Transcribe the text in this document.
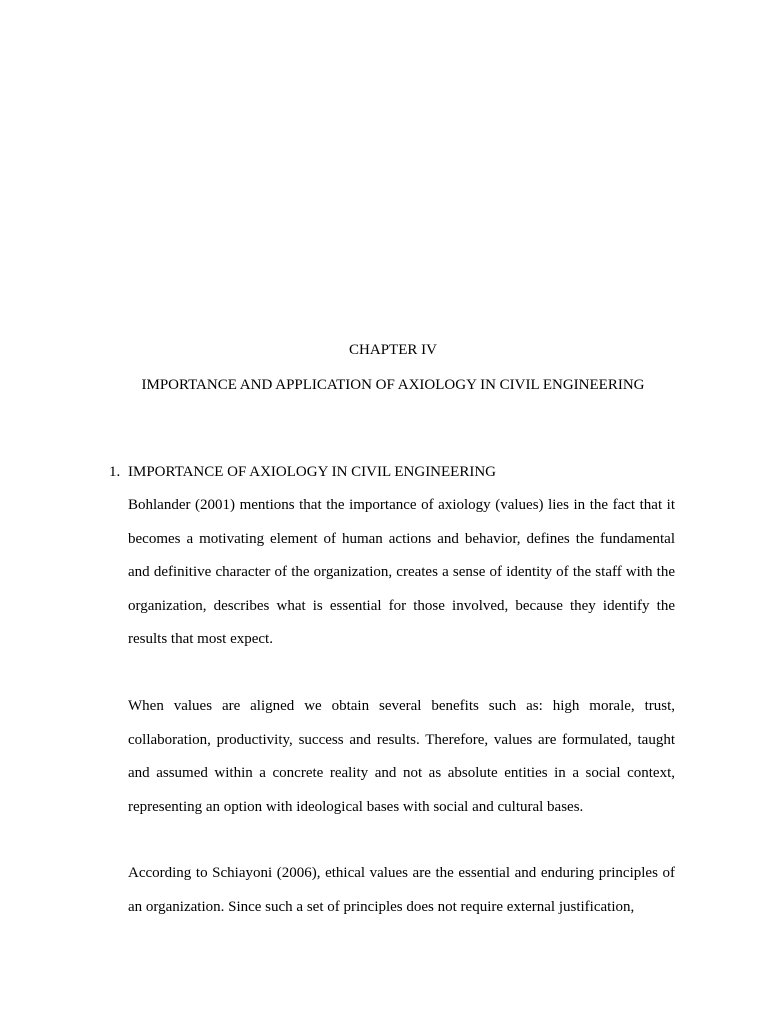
CHAPTER IV
IMPORTANCE AND APPLICATION OF AXIOLOGY IN CIVIL ENGINEERING
1. IMPORTANCE OF AXIOLOGY IN CIVIL ENGINEERING

Bohlander (2001) mentions that the importance of axiology (values) lies in the fact that it becomes a motivating element of human actions and behavior, defines the fundamental and definitive character of the organization, creates a sense of identity of the staff with the organization, describes what is essential for those involved, because they identify the results that most expect.

When values are aligned we obtain several benefits such as: high morale, trust, collaboration, productivity, success and results. Therefore, values are formulated, taught and assumed within a concrete reality and not as absolute entities in a social context, representing an option with ideological bases with social and cultural bases.

According to Schiayoni (2006), ethical values are the essential and enduring principles of an organization. Since such a set of principles does not require external justification,
